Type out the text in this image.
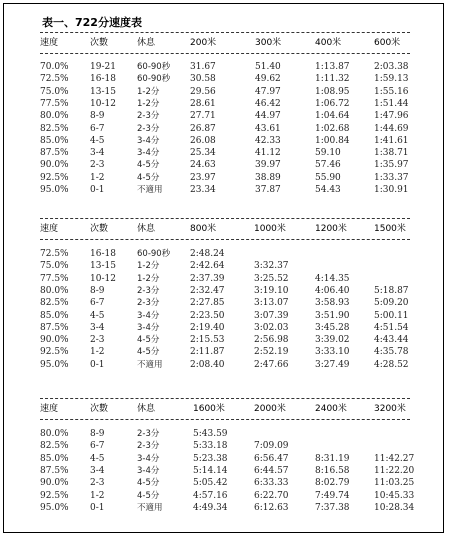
表一、722分速度表
速度	次數	休息	200米	300米	400米	600米
70.0% 19-21 60-90秒 31.67	51.40	1:13.87	2:03.38
72.5% 16-18 60-90秒 30.58	49.62	1:11.32	1:59.13
75.0% 13-15 1-2分	29.56	47.97	1:08.95	1:55.16
77.5% 10-12 1-2分	28.61	46.42	1:06.72	1:51.44
80.0% 8-9	2-3分	27.71	44.97	1:04.64	1:47.96
82.5% 6-7	2-3分	26.87	43.61	1:02.68	1:44.69
85.0% 4-5	3-4分	26.08	42.33	1:00.84	1:41.61
87.5% 3-4	3-4分	25.34	41.12	59.10	1:38.71
90.0% 2-3	4-5分	24.63	39.97	57.46	1:35.97
92.5% 1-2	4-5分	23.97	38.89	55.90	1:33.37
95.0% 0-1	不適用	23.34	37.87	54.43	1:30.91
速度	次數	休息	800米	1000米	1200米	1500米
72.5% 16-18 60-90秒 2:48.24
75.0% 13-15 1-2分	2:42.64	3:32.37
77.5% 10-12 1-2分	2:37.39	3:25.52	4:14.35
80.0% 8-9	2-3分	2:32.47	3:19.10	4:06.40	5:18.87
82.5% 6-7	2-3分	2:27.85	3:13.07	3:58.93	5:09.20
85.0% 4-5	3-4分	2:23.50	3:07.39	3:51.90	5:00.11
87.5% 3-4	3-4分	2:19.40	3:02.03	3:45.28	4:51.54
90.0% 2-3	4-5分	2:15.53	2:56.98	3:39.02	4:43.44
92.5% 1-2	4-5分	2:11.87	2:52.19	3:33.10	4:35.78
95.0% 0-1	不適用	2:08.40	2:47.66	3:27.49	4:28.52
速度	次數	休息	1600米	2000米	2400米	3200米
80.0% 8-9	2-3分	5:43.59
82.5% 6-7	2-3分	5:33.18	7:09.09
85.0% 4-5	3-4分	5:23.38	6:56.47	8:31.19	11:42.27
87.5% 3-4	3-4分	5:14.14	6:44.57	8:16.58	11:22.20
90.0% 2-3	4-5分	5:05.42	6:33.33	8:02.79	11:03.25
92.5% 1-2	4-5分	4:57.16	6:22.70	7:49.74	10:45.33
95.0% 0-1	不適用	4:49.34	6:12.63	7:37.38	10:28.34
